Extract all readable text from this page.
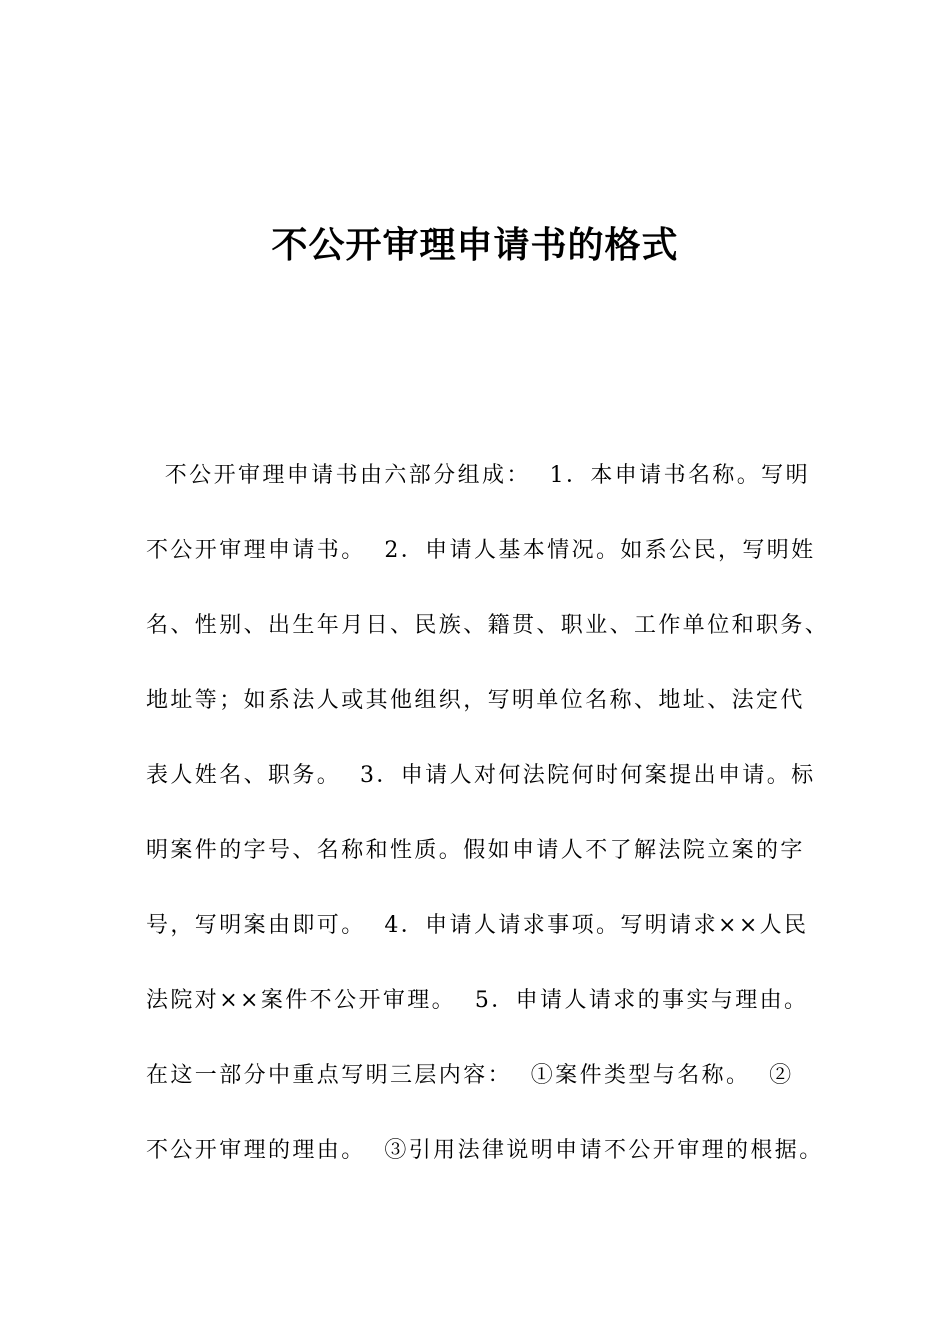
不公开审理申请书的格式
不公开审理申请书由六部分组成：  1．本申请书名称。写明
不公开审理申请书。  2．申请人基本情况。如系公民，写明姓
名、性别、出生年月日、民族、籍贯、职业、工作单位和职务、
地址等；如系法人或其他组织，写明单位名称、地址、法定代
表人姓名、职务。  3．申请人对何法院何时何案提出申请。标
明案件的字号、名称和性质。假如申请人不了解法院立案的字
号，写明案由即可。  4．申请人请求事项。写明请求××人民
法院对××案件不公开审理。  5．申请人请求的事实与理由。
在这一部分中重点写明三层内容：  ①案件类型与名称。  ②
不公开审理的理由。  ③引用法律说明申请不公开审理的根据。
